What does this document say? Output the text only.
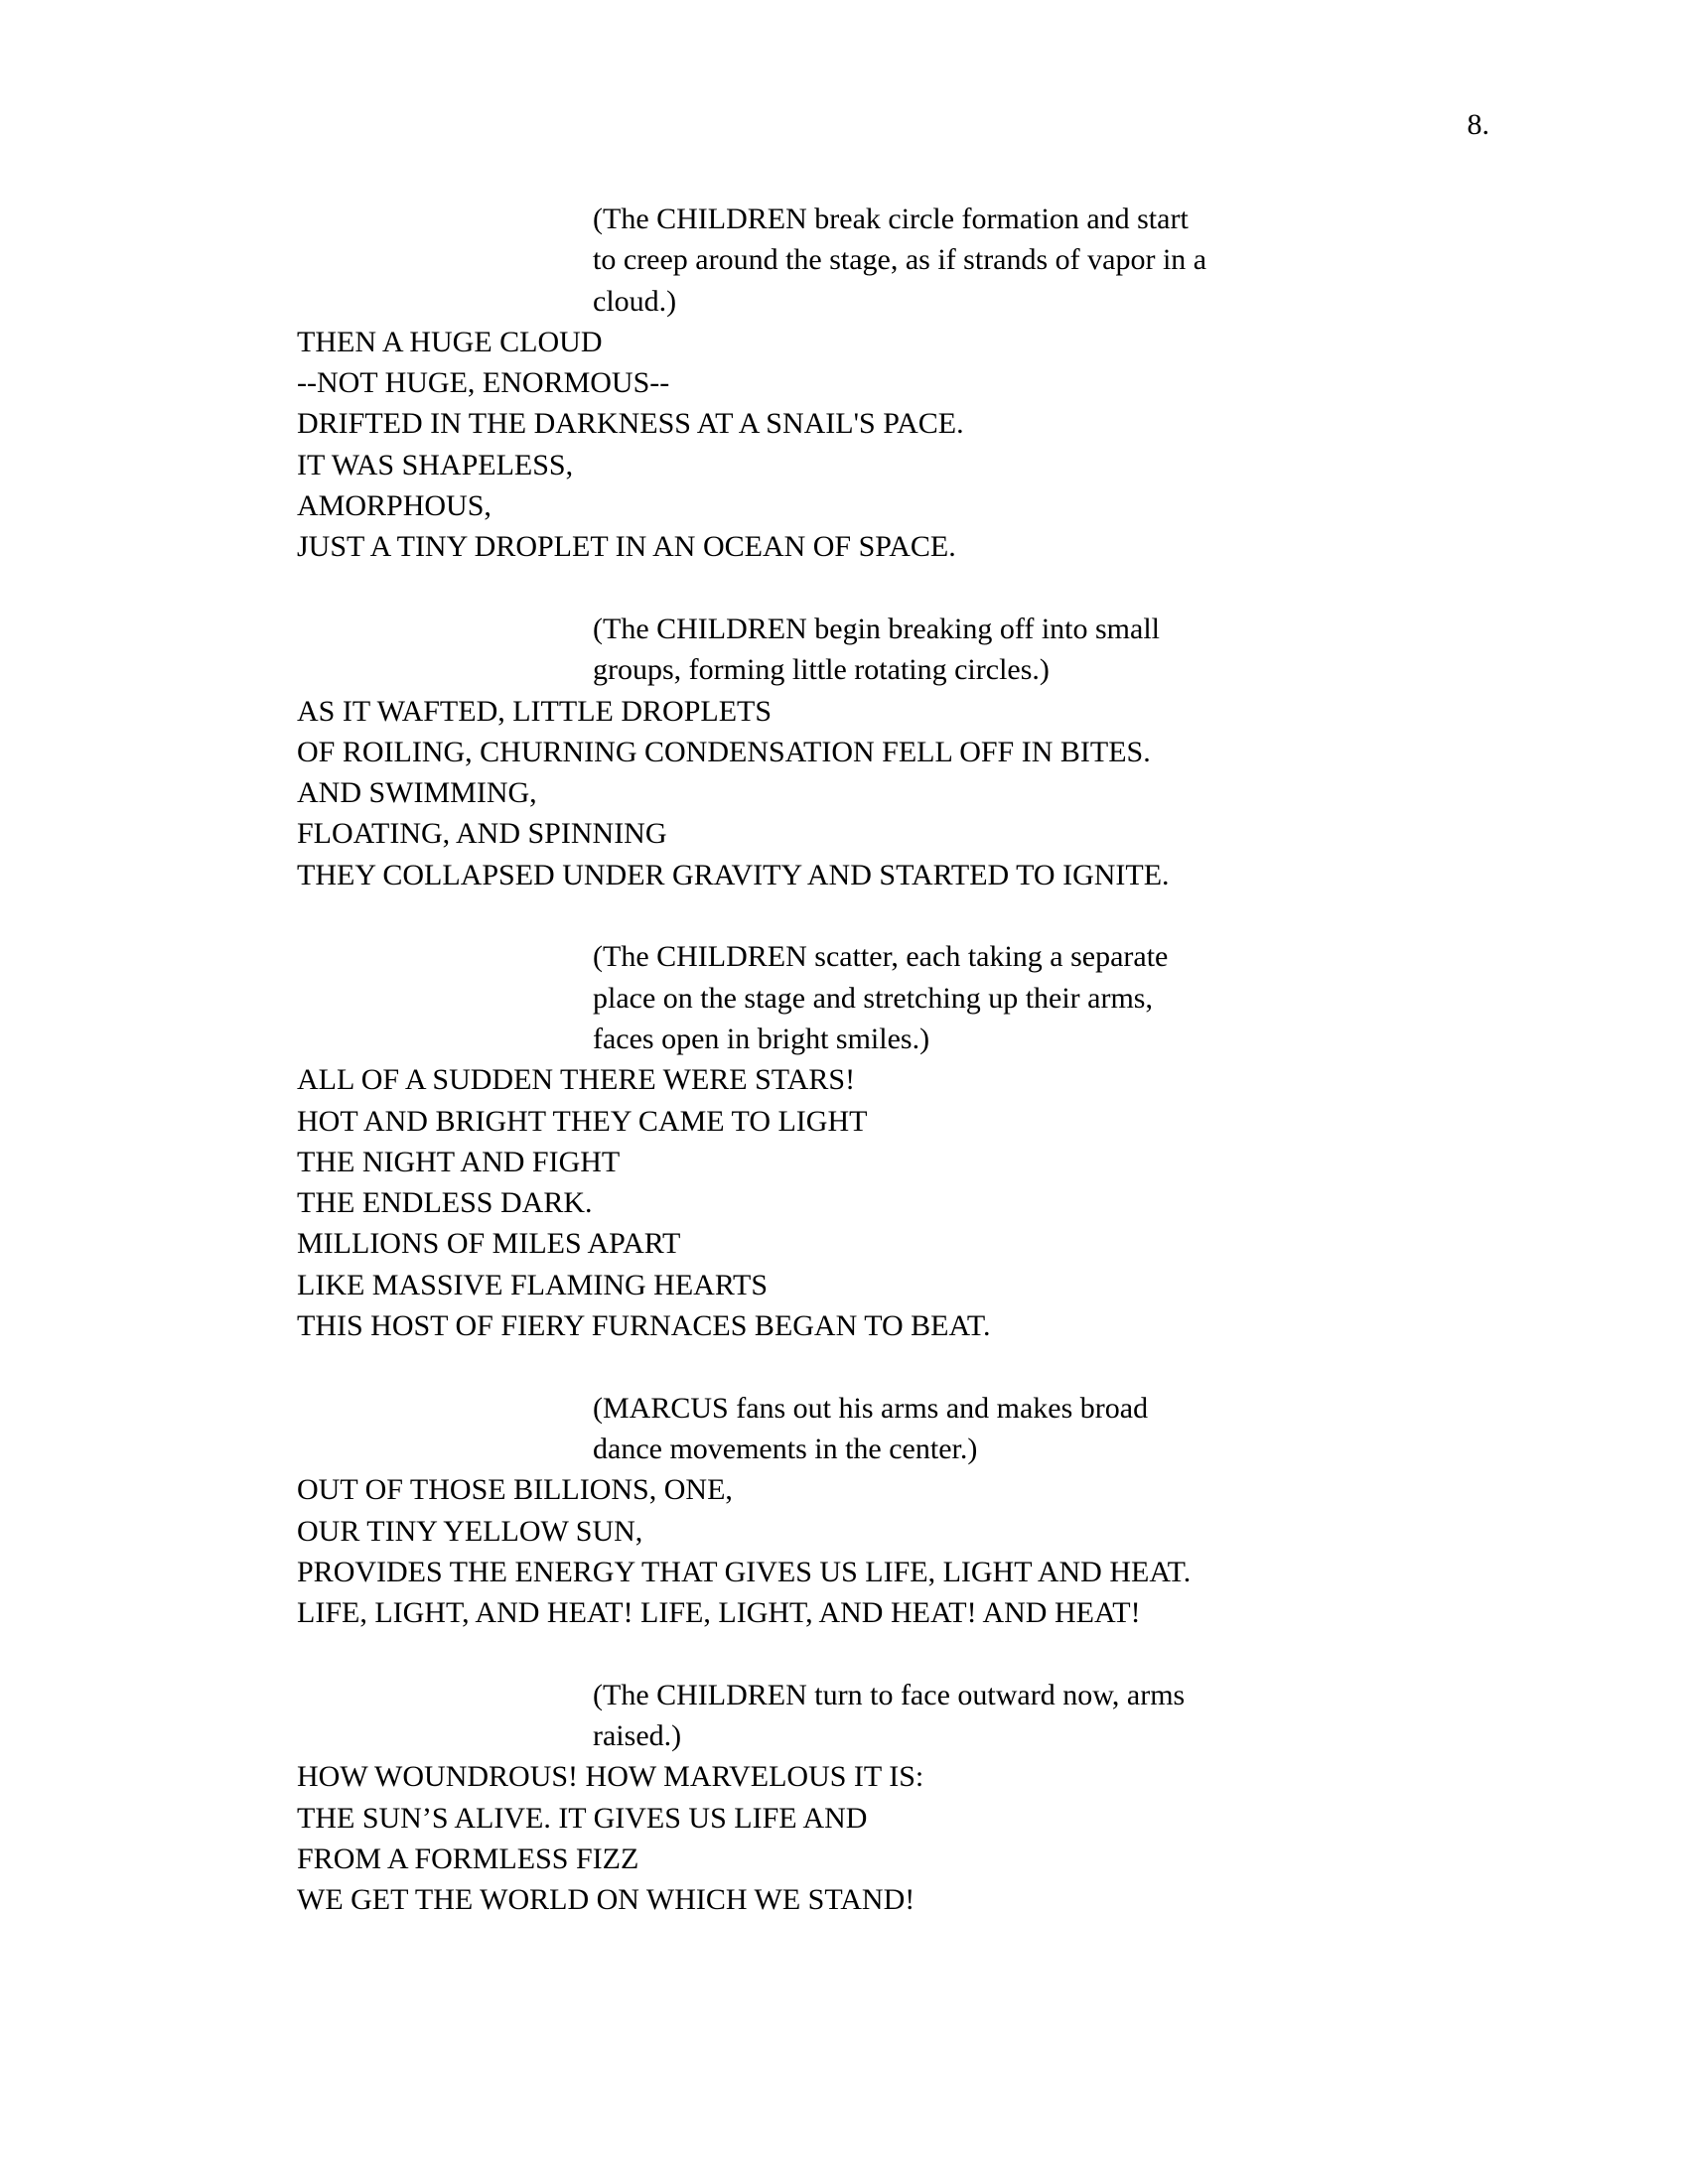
8.
(The CHILDREN break circle formation and start
to creep around the stage, as if strands of vapor in a
cloud.)
THEN A HUGE CLOUD
--NOT HUGE, ENORMOUS--
DRIFTED IN THE DARKNESS AT A SNAIL'S PACE.
IT WAS SHAPELESS,
AMORPHOUS,
JUST A TINY DROPLET IN AN OCEAN OF SPACE.
(The CHILDREN begin breaking off into small
groups, forming little rotating circles.)
AS IT WAFTED, LITTLE DROPLETS
OF ROILING, CHURNING CONDENSATION FELL OFF IN BITES.
AND SWIMMING,
FLOATING, AND SPINNING
THEY COLLAPSED UNDER GRAVITY AND STARTED TO IGNITE.
(The CHILDREN scatter, each taking a separate
place on the stage and stretching up their arms,
faces open in bright smiles.)
ALL OF A SUDDEN THERE WERE STARS!
HOT AND BRIGHT THEY CAME TO LIGHT
THE NIGHT AND FIGHT
THE ENDLESS DARK.
MILLIONS OF MILES APART
LIKE MASSIVE FLAMING HEARTS
THIS HOST OF FIERY FURNACES BEGAN TO BEAT.
(MARCUS fans out his arms and makes broad
dance movements in the center.)
OUT OF THOSE BILLIONS, ONE,
OUR TINY YELLOW SUN,
PROVIDES THE ENERGY THAT GIVES US LIFE, LIGHT AND HEAT.
LIFE, LIGHT, AND HEAT! LIFE, LIGHT, AND HEAT! AND HEAT!
(The CHILDREN turn to face outward now, arms
raised.)
HOW WOUNDROUS! HOW MARVELOUS IT IS:
THE SUN’S ALIVE. IT GIVES US LIFE AND
FROM A FORMLESS FIZZ
WE GET THE WORLD ON WHICH WE STAND!
